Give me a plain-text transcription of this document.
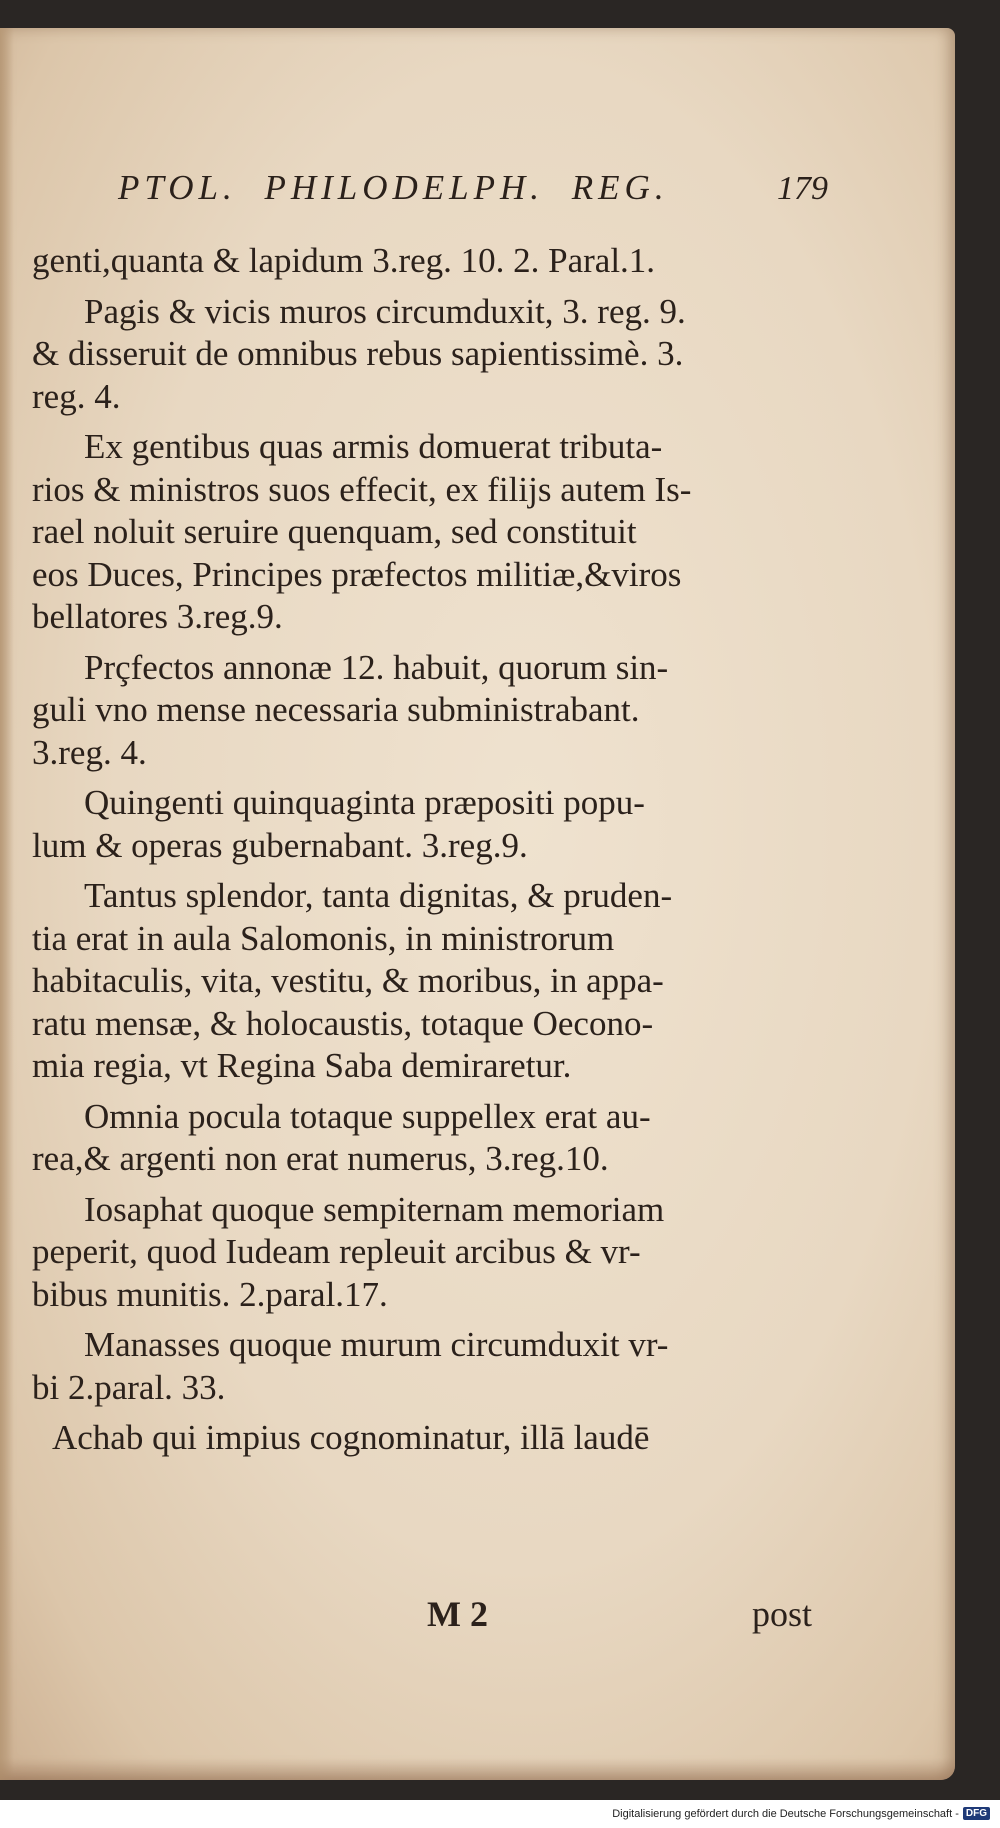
PTOL. PHILODELPH. REG.	179

genti,quanta & lapidum 3.reg. 10. 2. Paral.1.

Pagis & vicis muros circumduxit, 3. reg. 9.
& disseruit de omnibus rebus sapientissimè. 3.
reg. 4.

Ex gentibus quas armis domuerat tributa-
rios & ministros suos effecit, ex filijs autem Is-
rael noluit seruire quenquam, sed constituit
eos Duces, Principes præfectos militiæ,&viros
bellatores 3.reg.9.

Prçfectos annonæ 12. habuit, quorum sin-
guli vno mense necessaria subministrabant.
3.reg. 4.

Quingenti quinquaginta præpositi popu-
lum & operas gubernabant. 3.reg.9.

Tantus splendor, tanta dignitas, & pruden-
tia erat in aula Salomonis, in ministrorum
habitaculis, vita, vestitu, & moribus, in appa-
ratu mensæ, & holocaustis, totaque Oecono-
mia regia, vt Regina Saba demiraretur.

Omnia pocula totaque suppellex erat au-
rea,& argenti non erat numerus, 3.reg.10.

Iosaphat quoque sempiternam memoriam
peperit, quod Iudeam repleuit arcibus & vr-
bibus munitis. 2.paral.17.

Manasses quoque murum circumduxit vr-
bi 2.paral. 33.

Achab qui impius cognominatur, illā laudē

M 2	post
Digitalisierung gefördert durch die Deutsche Forschungsgemeinschaft - DFG
